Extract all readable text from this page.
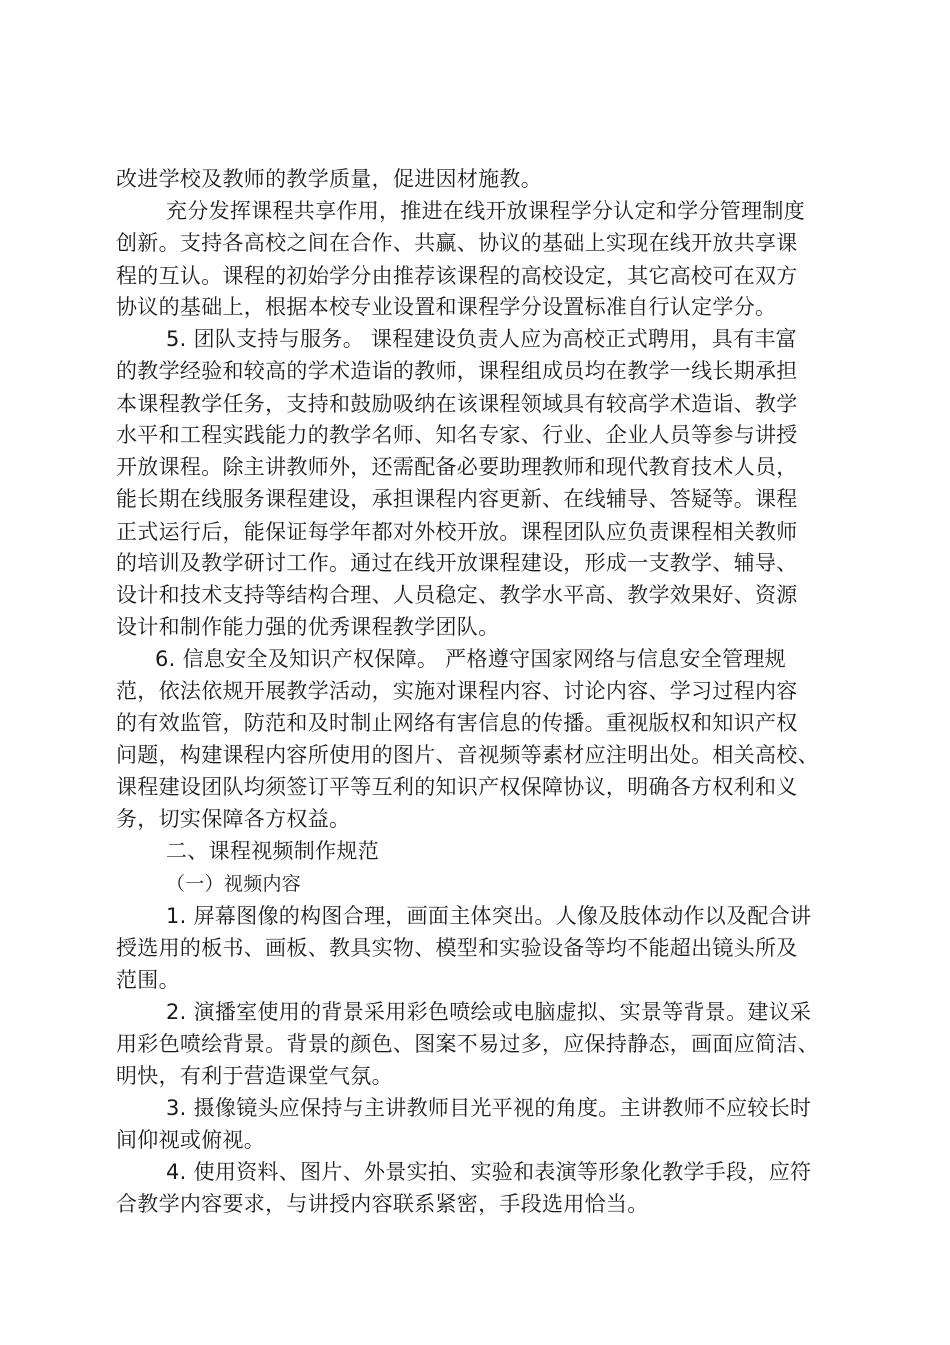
改进学校及教师的教学质量，促进因材施教。
充分发挥课程共享作用，推进在线开放课程学分认定和学分管理制度
创新。支持各高校之间在合作、共赢、协议的基础上实现在线开放共享课
程的互认。课程的初始学分由推荐该课程的高校设定，其它高校可在双方
协议的基础上，根据本校专业设置和课程学分设置标准自行认定学分。
5. 团队支持与服务。 课程建设负责人应为高校正式聘用，具有丰富
的教学经验和较高的学术造诣的教师，课程组成员均在教学一线长期承担
本课程教学任务，支持和鼓励吸纳在该课程领域具有较高学术造诣、教学
水平和工程实践能力的教学名师、知名专家、行业、企业人员等参与讲授
开放课程。除主讲教师外，还需配备必要助理教师和现代教育技术人员，
能长期在线服务课程建设，承担课程内容更新、在线辅导、答疑等。课程
正式运行后，能保证每学年都对外校开放。课程团队应负责课程相关教师
的培训及教学研讨工作。通过在线开放课程建设，形成一支教学、辅导、
设计和技术支持等结构合理、人员稳定、教学水平高、教学效果好、资源
设计和制作能力强的优秀课程教学团队。
6. 信息安全及知识产权保障。 严格遵守国家网络与信息安全管理规
范，依法依规开展教学活动，实施对课程内容、讨论内容、学习过程内容
的有效监管，防范和及时制止网络有害信息的传播。重视版权和知识产权
问题，构建课程内容所使用的图片、音视频等素材应注明出处。相关高校、
课程建设团队均须签订平等互利的知识产权保障协议，明确各方权利和义
务，切实保障各方权益。
二、课程视频制作规范
（一）视频内容
1. 屏幕图像的构图合理，画面主体突出。人像及肢体动作以及配合讲
授选用的板书、画板、教具实物、模型和实验设备等均不能超出镜头所及
范围。
2. 演播室使用的背景采用彩色喷绘或电脑虚拟、实景等背景。建议采
用彩色喷绘背景。背景的颜色、图案不易过多，应保持静态，画面应简洁、
明快，有利于营造课堂气氛。
3. 摄像镜头应保持与主讲教师目光平视的角度。主讲教师不应较长时
间仰视或俯视。
4. 使用资料、图片、外景实拍、实验和表演等形象化教学手段，应符
合教学内容要求，与讲授内容联系紧密，手段选用恰当。
